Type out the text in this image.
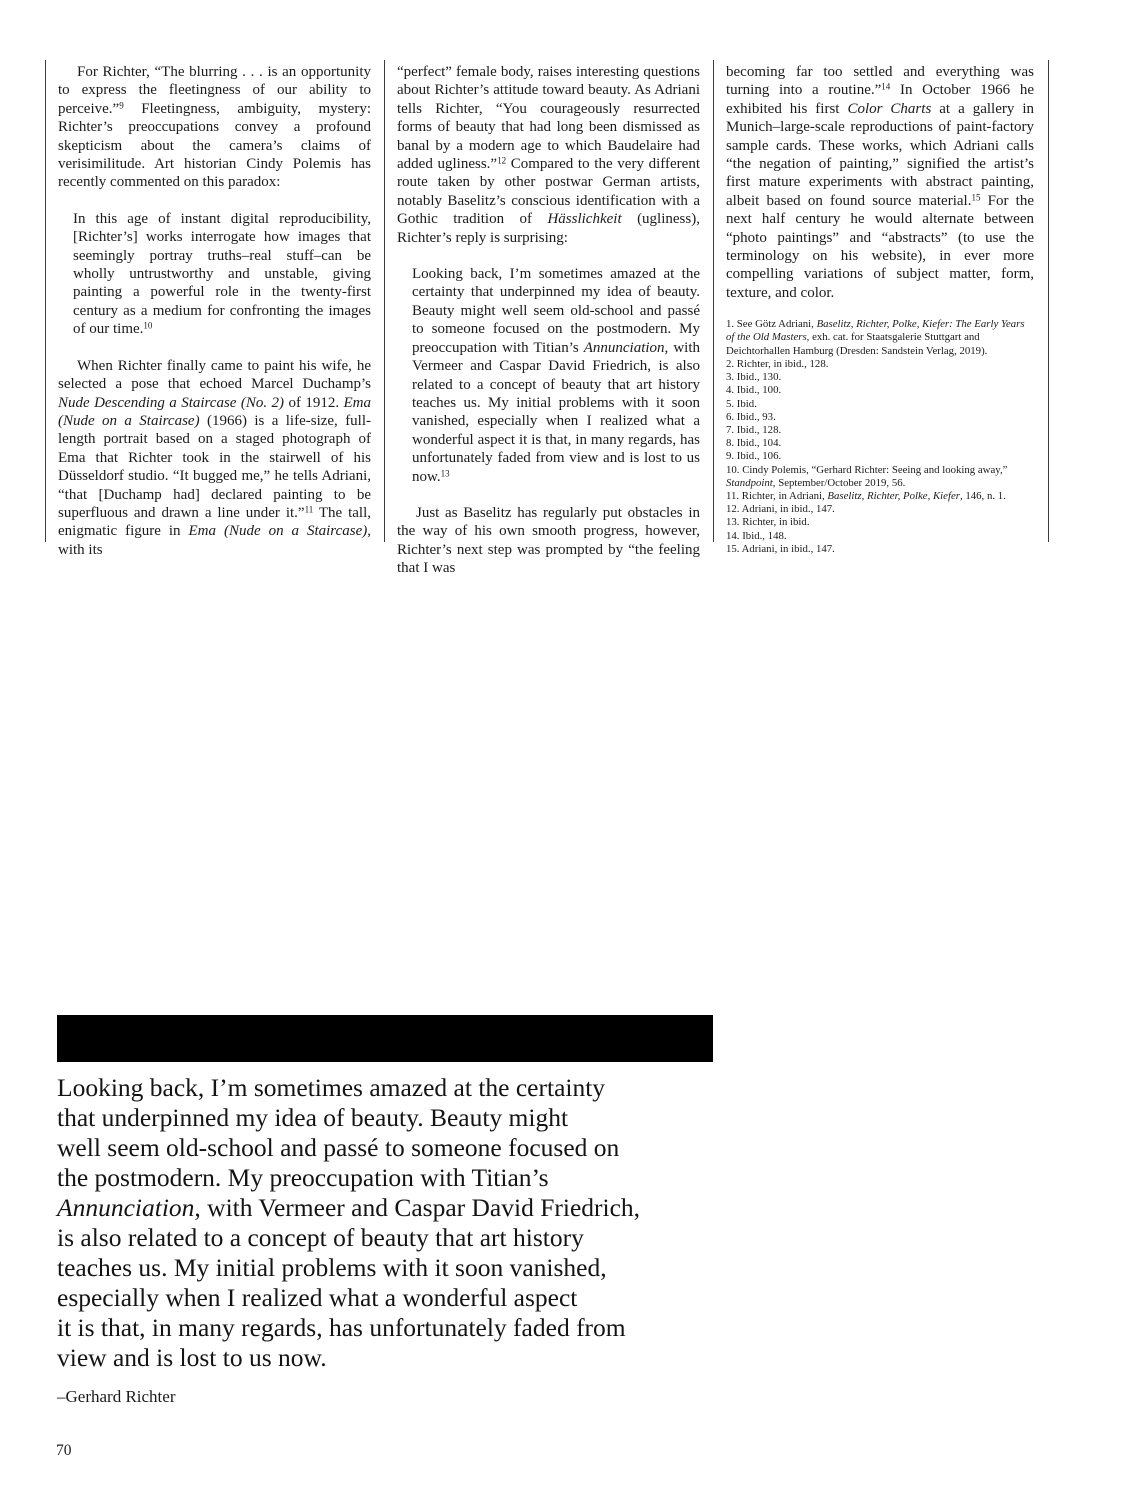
For Richter, “The blurring . . . is an opportunity to express the fleetingness of our ability to perceive.”$^9$ Fleetingness, ambiguity, mystery: Richter’s preoccupations convey a profound skepticism about the camera’s claims of verisimilitude. Art historian Cindy Polemis has recently commented on this paradox:

In this age of instant digital reproducibility, [Richter’s] works interrogate how images that seemingly portray truths–real stuff–can be wholly untrustworthy and unstable, giving painting a powerful role in the twenty-first century as a medium for confronting the images of our time.$^{10}$

When Richter finally came to paint his wife, he selected a pose that echoed Marcel Duchamp’s Nude Descending a Staircase (No. 2) of 1912. Ema (Nude on a Staircase) (1966) is a life-size, full-length portrait based on a staged photograph of Ema that Richter took in the stairwell of his Düsseldorf studio. “It bugged me,” he tells Adriani, “that [Duchamp had] declared painting to be superfluous and drawn a line under it.”$^{11}$ The tall, enigmatic figure in Ema (Nude on a Staircase), with its

“perfect” female body, raises interesting questions about Richter’s attitude toward beauty. As Adriani tells Richter, “You courageously resurrected forms of beauty that had long been dismissed as banal by a modern age to which Baudelaire had added ugliness.”$^{12}$ Compared to the very different route taken by other postwar German artists, notably Baselitz’s conscious identification with a Gothic tradition of Hässlichkeit (ugliness), Richter’s reply is surprising:

Looking back, I’m sometimes amazed at the certainty that underpinned my idea of beauty. Beauty might well seem old-school and passé to someone focused on the postmodern. My preoccupation with Titian’s Annunciation, with Vermeer and Caspar David Friedrich, is also related to a concept of beauty that art history teaches us. My initial problems with it soon vanished, especially when I realized what a wonderful aspect it is that, in many regards, has unfortunately faded from view and is lost to us now.$^{13}$

Just as Baselitz has regularly put obstacles in the way of his own smooth progress, however, Richter’s next step was prompted by “the feeling that I was

becoming far too settled and everything was turning into a routine.”$^{14}$ In October 1966 he exhibited his first Color Charts at a gallery in Munich–large-scale reproductions of paint-factory sample cards. These works, which Adriani calls “the negation of painting,” signified the artist’s first mature experiments with abstract painting, albeit based on found source material.$^{15}$ For the next half century he would alternate between “photo paintings” and “abstracts” (to use the terminology on his website), in ever more compelling variations of subject matter, form, texture, and color.

1. See Götz Adriani, Baselitz, Richter, Polke, Kiefer: The Early Years of the Old Masters, exh. cat. for Staatsgalerie Stuttgart and Deichtorhallen Hamburg (Dresden: Sandstein Verlag, 2019).

2. Richter, in ibid., 128.

3. Ibid., 130.

4. Ibid., 100.

5. Ibid.

6. Ibid., 93.

7. Ibid., 128.

8. Ibid., 104.

9. Ibid., 106.

10. Cindy Polemis, “Gerhard Richter: Seeing and looking away,” Standpoint, September/October 2019, 56.

11. Richter, in Adriani, Baselitz, Richter, Polke, Kiefer, 146, n. 1.

12. Adriani, in ibid., 147.

13. Richter, in ibid.

14. Ibid., 148.

15. Adriani, in ibid., 147.

Looking back, I’m sometimes amazed at the certainty
that underpinned my idea of beauty. Beauty might
well seem old-school and passé to someone focused on
the postmodern. My preoccupation with Titian’s
Annunciation, with Vermeer and Caspar David Friedrich,
is also related to a concept of beauty that art history
teaches us. My initial problems with it soon vanished,
especially when I realized what a wonderful aspect
it is that, in many regards, has unfortunately faded from
view and is lost to us now.
–Gerhard Richter
70
